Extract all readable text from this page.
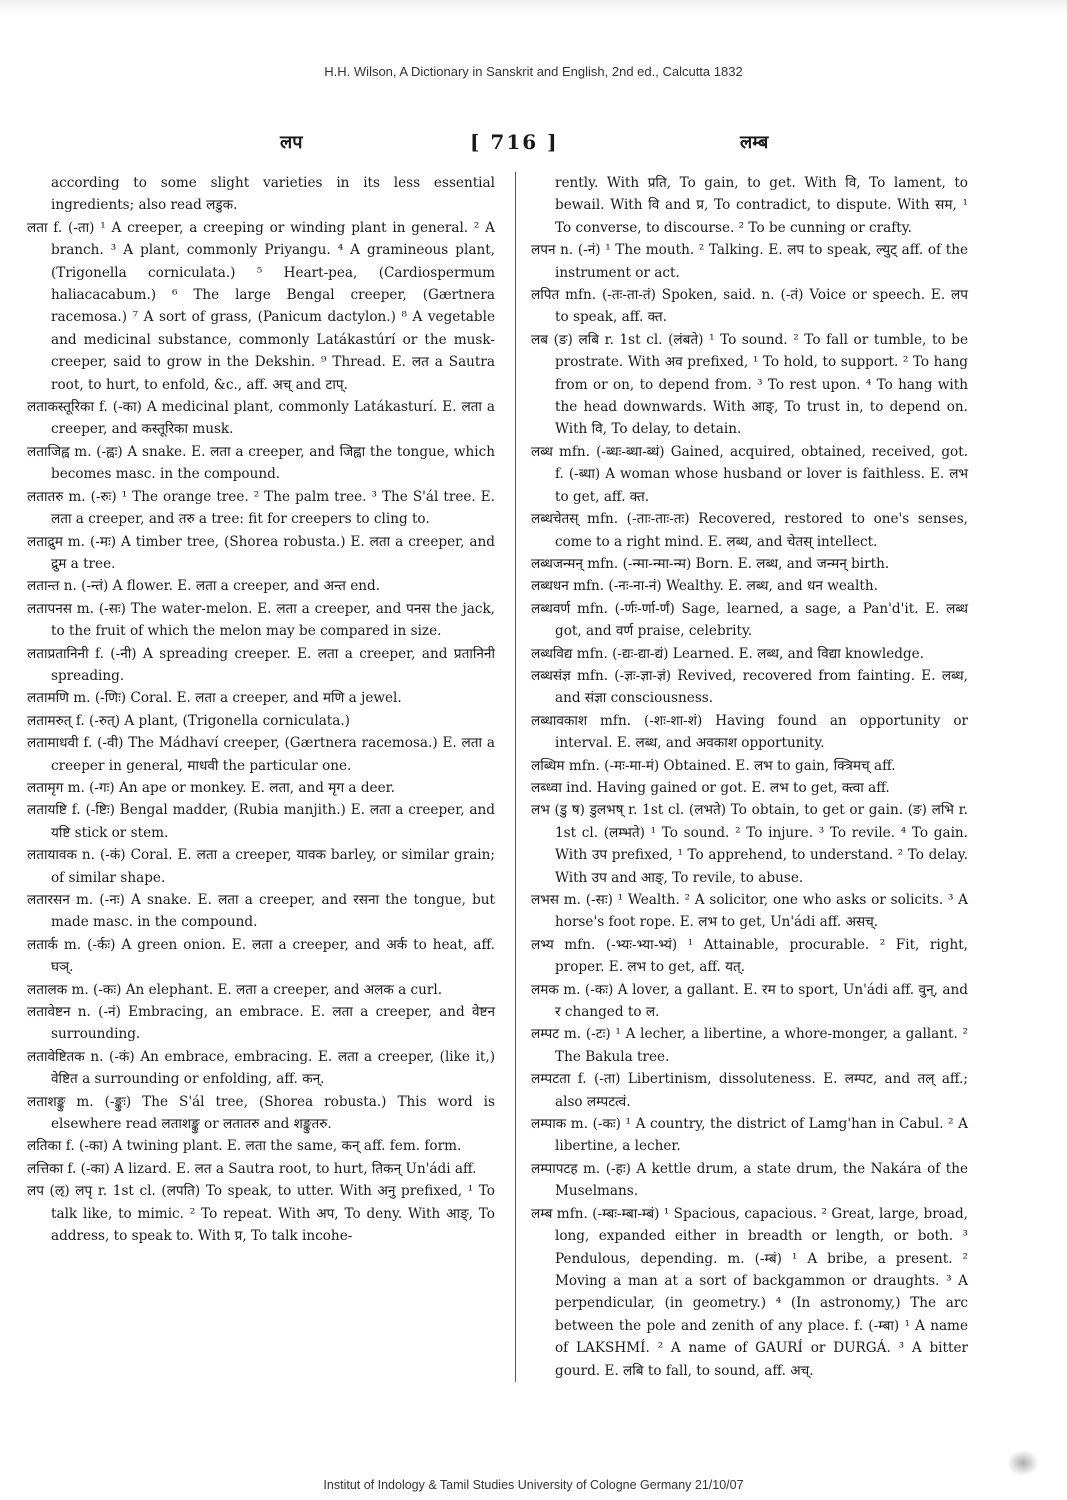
H.H. Wilson, A Dictionary in Sanskrit and English, 2nd ed., Calcutta 1832
लप	[ 716 ]	लम्ब

according to some slight varieties in its less essential ingredients; also read लडुक.

लता f. (-ता) ¹ A creeper, a creeping or winding plant in general. ² A branch. ³ A plant, commonly Priyangu. ⁴ A gramineous plant, (Trigonella corniculata.) ⁵ Heart-pea, (Cardiospermum haliacacabum.) ⁶ The large Bengal creeper, (Gærtnera racemosa.) ⁷ A sort of grass, (Panicum dactylon.) ⁸ A vegetable and medicinal substance, commonly Latákastúrí or the musk-creeper, said to grow in the Dekshin. ⁹ Thread. E. लत a Sautra root, to hurt, to enfold, &c., aff. अच् and टाप्.

लताकस्तूरिका f. (-का) A medicinal plant, commonly Latákasturí. E. लता a creeper, and कस्तूरिका musk.

लताजिह्व m. (-ह्वः) A snake. E. लता a creeper, and जिह्वा the tongue, which becomes masc. in the compound.

लतातरु m. (-रुः) ¹ The orange tree. ² The palm tree. ³ The S'ál tree. E. लता a creeper, and तरु a tree: fit for creepers to cling to.

लताद्रुम m. (-मः) A timber tree, (Shorea robusta.) E. लता a creeper, and द्रुम a tree.

लतान्त n. (-न्तं) A flower. E. लता a creeper, and अन्त end.

लतापनस m. (-सः) The water-melon. E. लता a creeper, and पनस the jack, to the fruit of which the melon may be compared in size.

लताप्रतानिनी f. (-नी) A spreading creeper. E. लता a creeper, and प्रतानिनी spreading.

लतामणि m. (-णिः) Coral. E. लता a creeper, and मणि a jewel.

लतामरुत् f. (-रुत्) A plant, (Trigonella corniculata.)

लतामाधवी f. (-वी) The Mádhaví creeper, (Gærtnera racemosa.) E. लता a creeper in general, माधवी the particular one.

लतामृग m. (-गः) An ape or monkey. E. लता, and मृग a deer.

लतायष्टि f. (-ष्टिः) Bengal madder, (Rubia manjith.) E. लता a creeper, and यष्टि stick or stem.

लतायावक n. (-कं) Coral. E. लता a creeper, यावक barley, or similar grain; of similar shape.

लतारसन m. (-नः) A snake. E. लता a creeper, and रसना the tongue, but made masc. in the compound.

लतार्क m. (-र्कः) A green onion. E. लता a creeper, and अर्क to heat, aff. घञ्.

लतालक m. (-कः) An elephant. E. लता a creeper, and अलक a curl.

लतावेष्टन n. (-नं) Embracing, an embrace. E. लता a creeper, and वेष्टन surrounding.

लतावेष्टितक n. (-कं) An embrace, embracing. E. लता a creeper, (like it,) वेष्टित a surrounding or enfolding, aff. कन्.

लताशङ्कु m. (-ङ्कुः) The S'ál tree, (Shorea robusta.) This word is elsewhere read लताशङ्कु or लतातरु and शङ्कुतरु.

लतिका f. (-का) A twining plant. E. लता the same, कन् aff. fem. form.

लत्तिका f. (-का) A lizard. E. लत a Sautra root, to hurt, तिकन् Un'ádi aff.

लप (ऌ) लपृ r. 1st cl. (लपति) To speak, to utter. With अनु prefixed, ¹ To talk like, to mimic. ² To repeat. With अप, To deny. With आङ्, To address, to speak to. With प्र, To talk incohe-

rently. With प्रति, To gain, to get. With वि, To lament, to bewail. With वि and प्र, To contradict, to dispute. With सम, ¹ To converse, to discourse. ² To be cunning or crafty.

लपन n. (-नं) ¹ The mouth. ² Talking. E. लप to speak, ल्युट् aff. of the instrument or act.

लपित mfn. (-तः-ता-तं) Spoken, said. n. (-तं) Voice or speech. E. लप to speak, aff. क्त.

लब (ङ) लबि r. 1st cl. (लंबते) ¹ To sound. ² To fall or tumble, to be prostrate. With अव prefixed, ¹ To hold, to support. ² To hang from or on, to depend from. ³ To rest upon. ⁴ To hang with the head downwards. With आङ्, To trust in, to depend on. With वि, To delay, to detain.

लब्ध mfn. (-ब्धः-ब्धा-ब्धं) Gained, acquired, obtained, received, got. f. (-ब्धा) A woman whose husband or lover is faithless. E. लभ to get, aff. क्त.

लब्धचेतस् mfn. (-ताः-ताः-तः) Recovered, restored to one's senses, come to a right mind. E. लब्ध, and चेतस् intellect.

लब्धजन्मन् mfn. (-न्मा-न्मा-न्म) Born. E. लब्ध, and जन्मन् birth.

लब्धधन mfn. (-नः-ना-नं) Wealthy. E. लब्ध, and धन wealth.

लब्धवर्ण mfn. (-र्णः-र्णा-र्णं) Sage, learned, a sage, a Pan'd'it. E. लब्ध got, and वर्ण praise, celebrity.

लब्धविद्य mfn. (-द्यः-द्या-द्यं) Learned. E. लब्ध, and विद्या knowledge.

लब्धसंज्ञ mfn. (-ज्ञः-ज्ञा-ज्ञं) Revived, recovered from fainting. E. लब्ध, and संज्ञा consciousness.

लब्धावकाश mfn. (-शः-शा-शं) Having found an opportunity or interval. E. लब्ध, and अवकाश opportunity.

लब्धिम mfn. (-मः-मा-मं) Obtained. E. लभ to gain, क्त्रिमच् aff.

लब्ध्वा ind. Having gained or got. E. लभ to get, क्त्वा aff.

लभ (डु ष) डुलभष् r. 1st cl. (लभते) To obtain, to get or gain. (ङ) लभि r. 1st cl. (लम्भते) ¹ To sound. ² To injure. ³ To revile. ⁴ To gain. With उप prefixed, ¹ To apprehend, to understand. ² To delay. With उप and आङ्, To revile, to abuse.

लभस m. (-सः) ¹ Wealth. ² A solicitor, one who asks or solicits. ³ A horse's foot rope. E. लभ to get, Un'ádi aff. असच्.

लभ्य mfn. (-भ्यः-भ्या-भ्यं) ¹ Attainable, procurable. ² Fit, right, proper. E. लभ to get, aff. यत्.

लमक m. (-कः) A lover, a gallant. E. रम to sport, Un'ádi aff. वुन्, and र changed to ल.

लम्पट m. (-टः) ¹ A lecher, a libertine, a whore-monger, a gallant. ² The Bakula tree.

लम्पटता f. (-ता) Libertinism, dissoluteness. E. लम्पट, and तल् aff.; also लम्पटत्वं.

लम्पाक m. (-कः) ¹ A country, the district of Lamg'han in Cabul. ² A libertine, a lecher.

लम्पापटह m. (-हः) A kettle drum, a state drum, the Nakára of the Muselmans.

लम्ब mfn. (-म्बः-म्बा-म्बं) ¹ Spacious, capacious. ² Great, large, broad, long, expanded either in breadth or length, or both. ³ Pendulous, depending. m. (-म्बं) ¹ A bribe, a present. ² Moving a man at a sort of backgammon or draughts. ³ A perpendicular, (in geometry.) ⁴ (In astronomy,) The arc between the pole and zenith of any place. f. (-म्बा) ¹ A name of LAKSHMÍ. ² A name of GAURÍ or DURGÁ. ³ A bitter gourd. E. लबि to fall, to sound, aff. अच्.

Institut of Indology & Tamil Studies University of Cologne Germany 21/10/07
